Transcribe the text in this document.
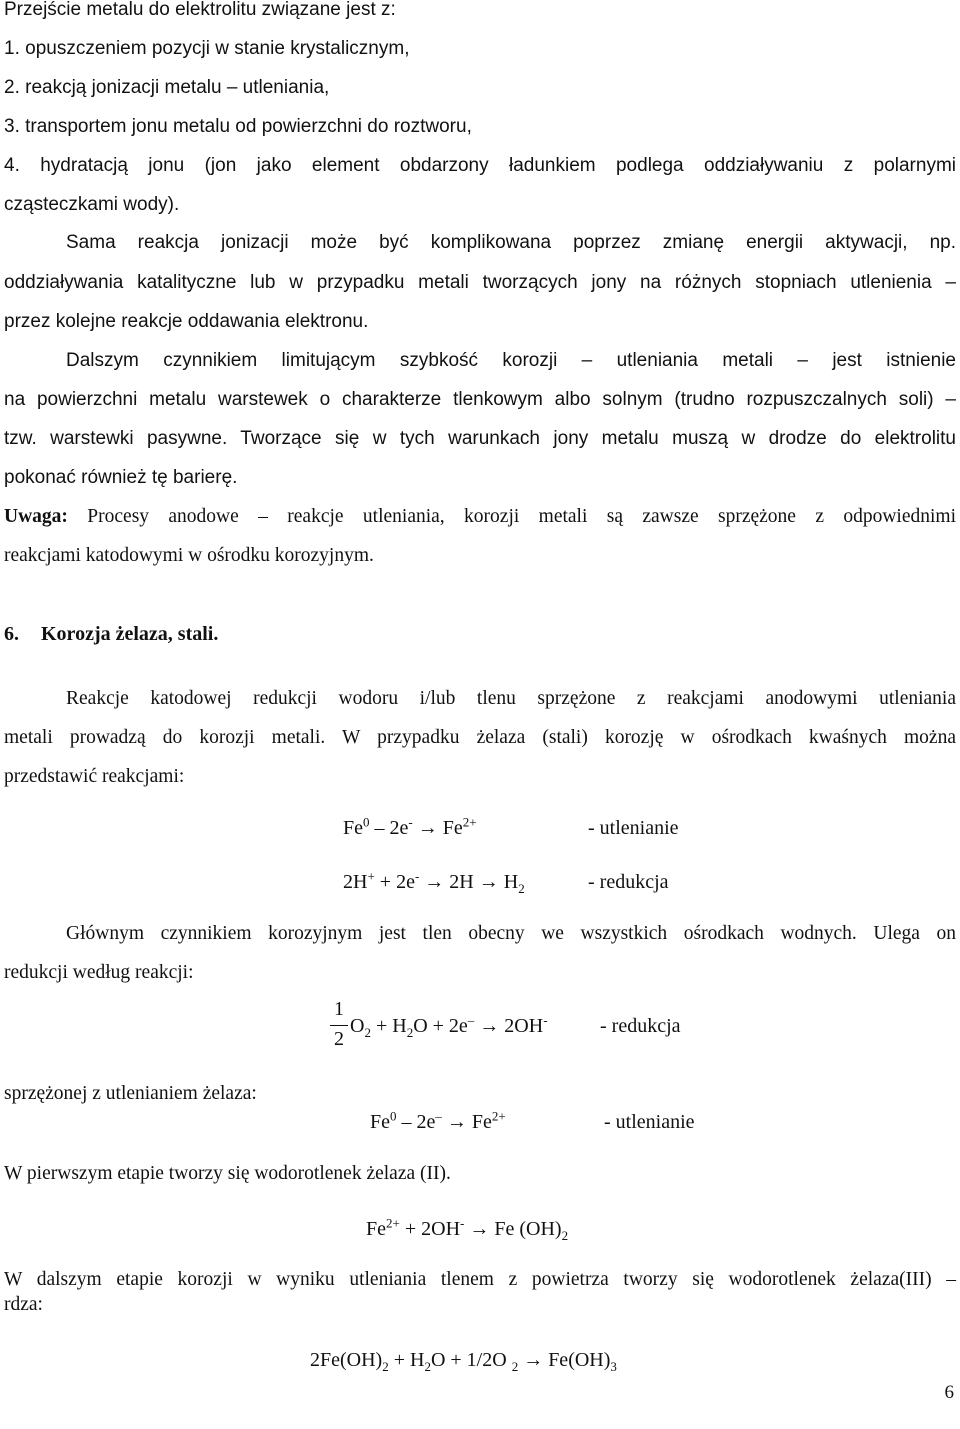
Przejście metalu do elektrolitu związane jest z:
1. opuszczeniem pozycji w stanie krystalicznym,
2. reakcją jonizacji metalu – utleniania,
3. transportem jonu metalu od powierzchni do roztworu,
4. hydratacją jonu (jon jako element obdarzony ładunkiem podlega oddziaływaniu z polarnymi
cząsteczkami wody).
Sama reakcja jonizacji może być komplikowana poprzez zmianę energii aktywacji, np.
oddziaływania katalityczne lub w przypadku metali tworzących jony na różnych stopniach utlenienia –
przez kolejne reakcje oddawania elektronu.
Dalszym czynnikiem limitującym szybkość korozji – utleniania metali – jest istnienie
na powierzchni metalu warstewek o charakterze tlenkowym albo solnym (trudno rozpuszczalnych soli) –
tzw. warstewki pasywne. Tworzące się w tych warunkach jony metalu muszą w drodze do elektrolitu
pokonać również tę barierę.
Uwaga: Procesy anodowe – reakcje utleniania, korozji metali są zawsze sprzężone z odpowiednimi
reakcjami katodowymi w ośrodku korozyjnym.
6. Korozja żelaza, stali.
Reakcje katodowej redukcji wodoru i/lub tlenu sprzężone z reakcjami anodowymi utleniania
metali prowadzą do korozji metali. W przypadku żelaza (stali) korozję w ośrodkach kwaśnych można
przedstawić reakcjami:
$Fe^0 - 2e^- \to Fe^{2+}$	- utlenianie
$2H^+ + 2e^- \to 2H \to H_2$	- redukcja
Głównym czynnikiem korozyjnym jest tlen obecny we wszystkich ośrodkach wodnych. Ulega on
redukcji według reakcji:
1
2
$O_2 + H_2O + 2e^- \to 2OH^-$	- redukcja
sprzężonej z utlenianiem żelaza:
$Fe^0 - 2e^- \to Fe^{2+}$	- utlenianie
W pierwszym etapie tworzy się wodorotlenek żelaza (II).
$Fe^{2+} + 2OH^- \to Fe$ $(OH)_2$
W dalszym etapie korozji w wyniku utleniania tlenem z powietrza tworzy się wodorotlenek żelaza(III) –
rdza:
$2Fe(OH)_2 + H_2O + 1/2O$ $_2 \to Fe(OH)_3$
6
